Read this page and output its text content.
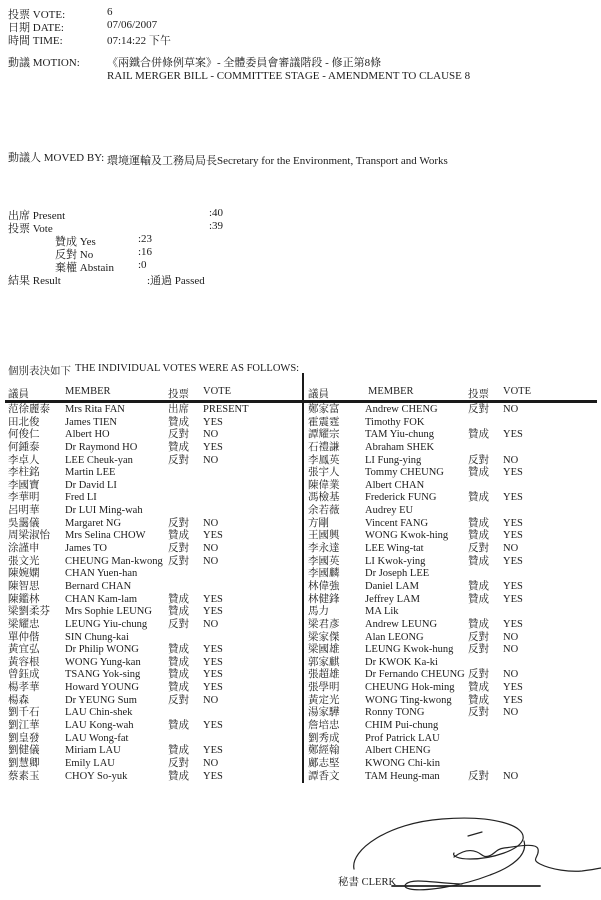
投票 VOTE:	6
日期 DATE:	07/06/2007
時間 TIME:	07:14:22 下午
動議 MOTION: 《兩鐵合併條例草案》- 全體委員會審議階段 - 修正第8條
RAIL MERGER BILL - COMMITTEE STAGE - AMENDMENT TO CLAUSE 8
動議人 MOVED BY: 環境運輸及工務局局長Secretary for the Environment, Transport and Works
出席 Present	:40
投票 Vote	:39
贊成 Yes	:23
反對 No	:16
棄權 Abstain :0
結果 Result	:通過 Passed
個別表決如下 THE INDIVIDUAL VOTES WERE AS FOLLOWS:
議員	MEMBER	投票 VOTE	議員	MEMBER	投票 VOTE
范徐麗泰 Mrs Rita FAN	出席 PRESENT
田北俊 James TIEN	贊成 YES
何俊仁 Albert HO	反對 NO
何鍾泰 Dr Raymond HO	贊成 YES
李卓人 LEE Cheuk-yan	反對 NO
李柱銘 Martin LEE
李國寶 Dr David LI
李華明 Fred LI
呂明華 Dr LUI Ming-wah
吳靄儀 Margaret NG	反對 NO
周梁淑怡 Mrs Selina CHOW 贊成 YES
涂謹申 James TO	反對 NO
張文光 CHEUNG Man-kwong 反對 NO
陳婉嫻 CHAN Yuen-han
陳智思 Bernard CHAN
陳鑑林 CHAN Kam-lam	贊成 YES
梁劉柔芬 Mrs Sophie LEUNG 贊成 YES
梁耀忠 LEUNG Yiu-chung 反對 NO
單仲偕 SIN Chung-kai
黃宜弘 Dr Philip WONG	贊成 YES
黃容根 WONG Yung-kan	贊成 YES
曾鈺成 TSANG Yok-sing	贊成 YES
楊孝華 Howard YOUNG	贊成 YES
楊森	Dr YEUNG Sum	反對 NO
劉千石 LAU Chin-shek
劉江華 LAU Kong-wah	贊成 YES
劉皇發 LAU Wong-fat
劉健儀 Miriam LAU	贊成 YES
劉慧卿 Emily LAU	反對 NO
蔡素玉 CHOY So-yuk	贊成 YES
鄭家富 Andrew CHENG	反對 NO
霍震霆 Timothy FOK
譚耀宗 TAM Yiu-chung	贊成 YES
石禮謙 Abraham SHEK
李鳳英 LI Fung-ying	反對 NO
張宇人 Tommy CHEUNG 贊成 YES
陳偉業 Albert CHAN
馮檢基 Frederick FUNG	贊成 YES
余若薇 Audrey EU
方剛	Vincent FANG	贊成 YES
王國興 WONG Kwok-hing 贊成 YES
李永達 LEE Wing-tat	反對 NO
李國英 LI Kwok-ying	贊成 YES
李國麟 Dr Joseph LEE
林偉強 Daniel LAM	贊成 YES
林健鋒 Jeffrey LAM	贊成 YES
馬力	MA Lik
梁君彥 Andrew LEUNG	贊成 YES
梁家傑 Alan LEONG	反對 NO
梁國雄 LEUNG Kwok-hung 反對 NO
郭家麒 Dr KWOK Ka-ki
張超雄 Dr Fernando CHEUNG 反對 NO
張學明 CHEUNG Hok-ming 贊成 YES
黃定光 WONG Ting-kwong 贊成 YES
湯家驊 Ronny TONG	反對 NO
詹培忠 CHIM Pui-chung
劉秀成 Prof Patrick LAU
鄭經翰 Albert CHENG
鄺志堅 KWONG Chi-kin
譚香文 TAM Heung-man	反對 NO
秘書 CLERK
